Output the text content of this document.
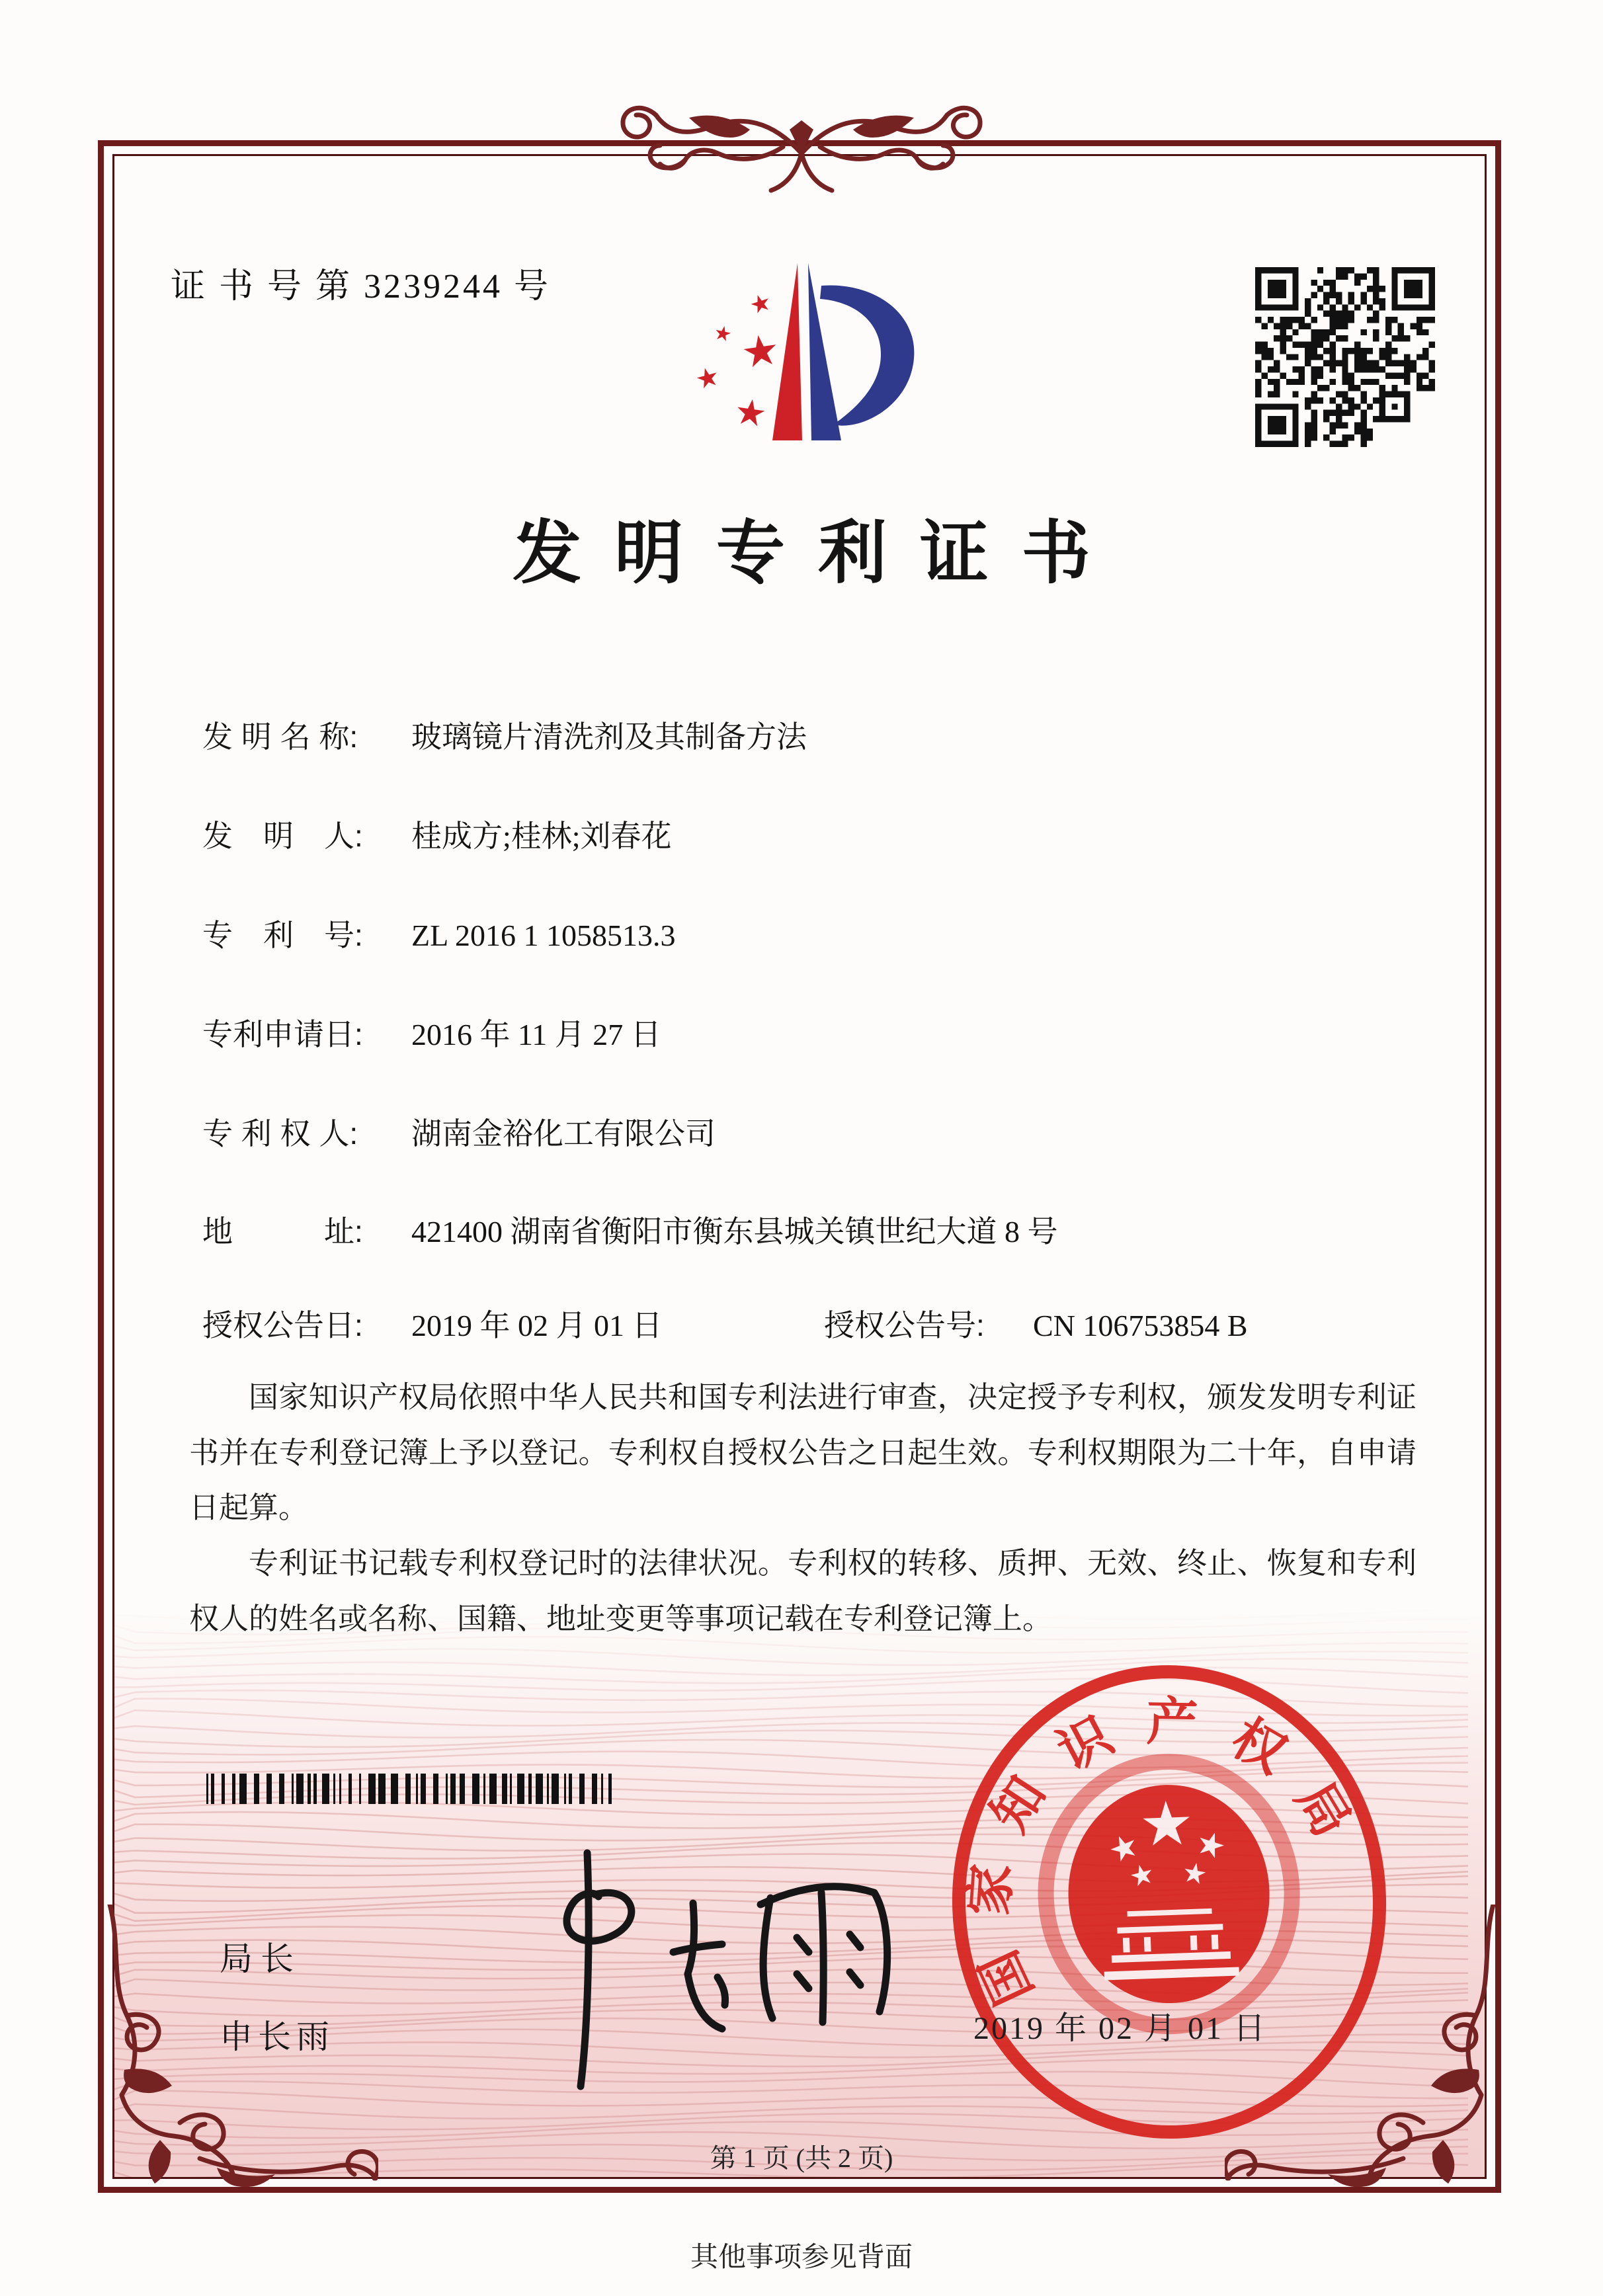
证 书 号 第 3239244 号	★
★ ★
★
★
发明专利证书
发 明 名 称: 玻璃镜片清洗剂及其制备方法
发　明　人: 桂成方;桂林;刘春花
专　利　号: ZL 2016 1 1058513.3
专利申请日: 2016 年 11 月 27 日
专 利 权 人: 湖南金裕化工有限公司
地　　　址: 421400 湖南省衡阳市衡东县城关镇世纪大道 8 号
授权公告日: 2019 年 02 月 01 日	授权公告号: CN 106753854 B

国家知识产权局依照中华人民共和国专利法进行审查，决定授予专利权，颁发发明专利证书并在专利登记簿上予以登记。专利权自授权公告之日起生效。专利权期限为二十年，自申请日起算。

专利证书记载专利权登记时的法律状况。专利权的转移、质押、无效、终止、恢复和专利权人的姓名或名称、国籍、地址变更等事项记载在专利登记簿上。

局长
申长雨
★
★ ★
★ ★
国
家
知
识 产 权
局
2019 年 02 月 01 日
第 1 页 (共 2 页)
其他事项参见背面
